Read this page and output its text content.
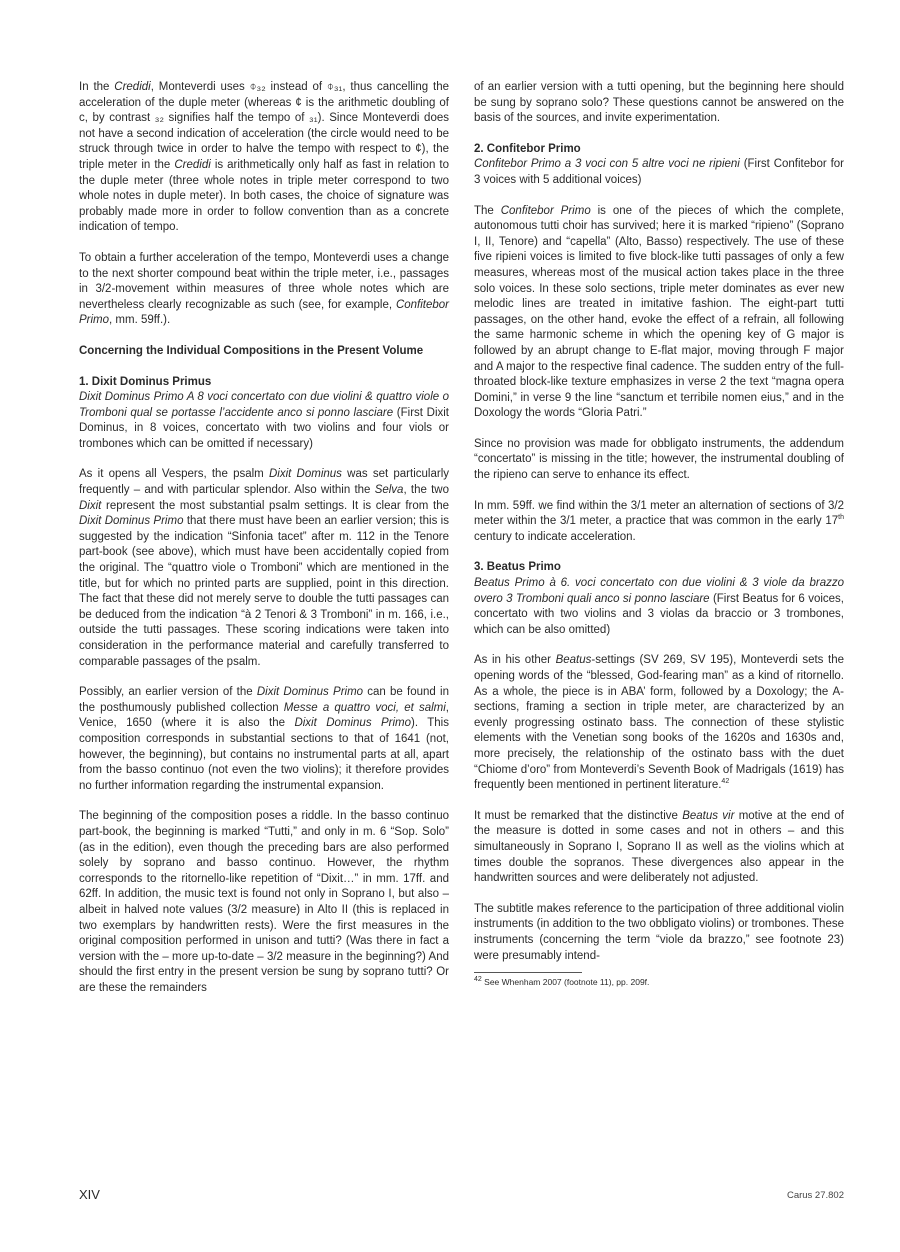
In the Credidi, Monteverdi uses ⌽₃₂ instead of ⌽₃₁, thus cancelling the acceleration of the duple meter (whereas ¢ is the arithmetic doubling of c, by contrast ₃₂ signifies half the tempo of ₃₁). Since Monteverdi does not have a second indication of acceleration (the circle would need to be struck through twice in order to halve the tempo with respect to ¢), the triple meter in the Credidi is arithmetically only half as fast in relation to the duple meter (three whole notes in triple meter correspond to two whole notes in duple meter). In both cases, the choice of signature was probably made more in order to follow convention than as a concrete indication of tempo.

To obtain a further acceleration of the tempo, Monteverdi uses a change to the next shorter compound beat within the triple meter, i.e., passages in 3/2-movement within measures of three whole notes which are nevertheless clearly recognizable as such (see, for example, Confitebor Primo, mm. 59ff.).

Concerning the Individual Compositions in the Present Volume
1. Dixit Dominus Primus

Dixit Dominus Primo A 8 voci concertato con due violini & quattro viole o Tromboni qual se portasse l’accidente anco si ponno lasciare (First Dixit Dominus, in 8 voices, concertato with two violins and four viols or trombones which can be omitted if necessary)

As it opens all Vespers, the psalm Dixit Dominus was set particularly frequently – and with particular splendor. Also within the Selva, the two Dixit represent the most substantial psalm settings. It is clear from the Dixit Dominus Primo that there must have been an earlier version; this is suggested by the indication “Sinfonia tacet” after m. 112 in the Tenore part-book (see above), which must have been accidentally copied from the original. The “quattro viole o Tromboni” which are mentioned in the title, but for which no printed parts are supplied, point in this direction. The fact that these did not merely serve to double the tutti passages can be deduced from the indication “à 2 Tenori & 3 Tromboni” in m. 166, i.e., outside the tutti passages. These scoring indications were taken into consideration in the performance material and carefully transferred to comparable passages of the psalm.

Possibly, an earlier version of the Dixit Dominus Primo can be found in the posthumously published collection Messe a quattro voci, et salmi, Venice, 1650 (where it is also the Dixit Dominus Primo). This composition corresponds in substantial sections to that of 1641 (not, however, the beginning), but contains no instrumental parts at all, apart from the basso continuo (not even the two violins); it therefore provides no further information regarding the instrumental expansion.

The beginning of the composition poses a riddle. In the basso continuo part-book, the beginning is marked “Tutti,” and only in m. 6 “Sop. Solo” (as in the edition), even though the preceding bars are also performed solely by soprano and basso continuo. However, the rhythm corresponds to the ritornello-like repetition of “Dixit…” in mm. 17ff. and 62ff. In addition, the music text is found not only in Soprano I, but also – albeit in halved note values (3/2 measure) in Alto II (this is replaced in two exemplars by handwritten rests). Were the first measures in the original composition performed in unison and tutti? (Was there in fact a version with the – more up-to-date – 3/2 measure in the beginning?) And should the first entry in the present version be sung by soprano tutti? Or are these the remainders

of an earlier version with a tutti opening, but the beginning here should be sung by soprano solo? These questions cannot be answered on the basis of the sources, and invite experimentation.

2. Confitebor Primo

Confitebor Primo a 3 voci con 5 altre voci ne ripieni (First Confitebor for 3 voices with 5 additional voices)

The Confitebor Primo is one of the pieces of which the complete, autonomous tutti choir has survived; here it is marked “ripieno” (Soprano I, II, Tenore) and “capella” (Alto, Basso) respectively. The use of these five ripieni voices is limited to five block-like tutti passages of only a few measures, whereas most of the musical action takes place in the three solo voices. In these solo sections, triple meter dominates as ever new melodic lines are treated in imitative fashion. The eight-part tutti passages, on the other hand, evoke the effect of a refrain, all following the same harmonic scheme in which the opening key of G major is followed by an abrupt change to E-flat major, moving through F major and A major to the respective final cadence. The sudden entry of the full-throated block-like texture emphasizes in verse 2 the text “magna opera Domini,” in verse 9 the line “sanctum et terribile nomen eius,” and in the Doxology the words “Gloria Patri.”

Since no provision was made for obbligato instruments, the addendum “concertato” is missing in the title; however, the instrumental doubling of the ripieno can serve to enhance its effect.

In mm. 59ff. we find within the 3/1 meter an alternation of sections of 3/2 meter within the 3/1 meter, a practice that was common in the early 17th century to indicate acceleration.

3. Beatus Primo

Beatus Primo à 6. voci concertato con due violini & 3 viole da brazzo overo 3 Tromboni quali anco si ponno lasciare (First Beatus for 6 voices, concertato with two violins and 3 violas da braccio or 3 trombones, which can be also omitted)

As in his other Beatus-settings (SV 269, SV 195), Monteverdi sets the opening words of the “blessed, God-fearing man” as a kind of ritornello. As a whole, the piece is in ABA’ form, followed by a Doxology; the A-sections, framing a section in triple meter, are characterized by an evenly progressing ostinato bass. The connection of these stylistic elements with the Venetian song books of the 1620s and 1630s and, more precisely, the relationship of the ostinato bass with the duet “Chiome d’oro” from Monteverdi’s Seventh Book of Madrigals (1619) has frequently been mentioned in pertinent literature.$^{42}$

It must be remarked that the distinctive Beatus vir motive at the end of the measure is dotted in some cases and not in others – and this simultaneously in Soprano I, Soprano II as well as the violins which at times double the sopranos. These divergences also appear in the handwritten sources and were deliberately not adjusted.

The subtitle makes reference to the participation of three additional violin instruments (in addition to the two obbligato violins) or trombones. These instruments (concerning the term “viole da brazzo,” see footnote 23) were presumably intend-

$^{42}$ See Whenham 2007 (footnote 11), pp. 209f.

XIV	Carus 27.802
